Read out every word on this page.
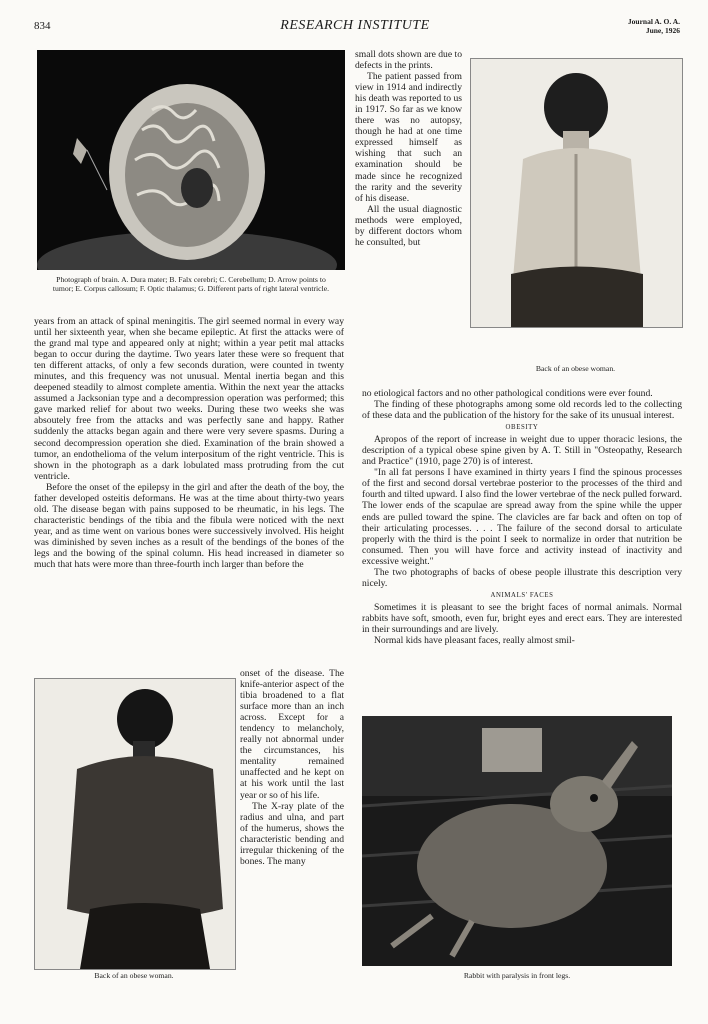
834	RESEARCH INSTITUTE	Journal A. O. A.
June, 1926
Photograph of brain. A. Dura mater; B. Falx cerebri; C. Cerebellum; D. Arrow points to tumor; E. Corpus callosum; F. Optic thalamus; G. Different parts of right lateral ventricle.
Back of an obese woman.

years from an attack of spinal meningitis. The girl seemed normal in every way until her sixteenth year, when she became epileptic. At first the attacks were of the grand mal type and appeared only at night; within a year petit mal attacks began to occur during the daytime. Two years later these were so frequent that ten different attacks, of only a few seconds duration, were counted in twenty minutes, and this frequency was not unusual. Mental inertia began and this deepened steadily to almost complete amentia. Within the next year the attacks assumed a Jacksonian type and a decompression operation was performed; this gave marked relief for about two weeks. During these two weeks she was absoutely free from the attacks and was perfectly sane and happy. Rather suddenly the attacks began again and there were very severe spasms. During a second decompression operation she died. Examination of the brain showed a tumor, an endothelioma of the velum interpositum of the right ventricle. This is shown in the photograph as a dark lobulated mass protruding from the cut ventricle.

Before the onset of the epilepsy in the girl and after the death of the boy, the father developed osteitis deformans. He was at the time about thirty-two years old. The disease began with pains supposed to be rheumatic, in his legs. The characteristic bendings of the tibia and the fibula were noticed with the next year, and as time went on various bones were successively involved. His height was diminished by seven inches as a result of the bendings of the bones of the legs and the bowing of the spinal column. His head increased in diameter so much that hats were more than three-fourth inch larger than before the

Back of an obese woman.

onset of the disease. The knife-anterior aspect of the tibia broadened to a flat surface more than an inch across. Except for a tendency to melancholy, really not abnormal under the circumstances, his mentality remained unaffected and he kept on at his work until the last year or so of his life.

The X-ray plate of the radius and ulna, and part of the humerus, shows the characteristic bending and irregular thickening of the bones. The many

small dots shown are due to defects in the prints.

The patient passed from view in 1914 and indirectly his death was reported to us in 1917. So far as we know there was no autopsy, though he had at one time expressed himself as wishing that such an examination should be made since he recognized the rarity and the severity of his disease.

All the usual diagnostic methods were employed, by different doctors whom he consulted, but

no etiological factors and no other pathological conditions were ever found.

The finding of these photographs among some old records led to the collecting of these data and the publication of the history for the sake of its unusual interest.

OBESITY

Apropos of the report of increase in weight due to upper thoracic lesions, the description of a typical obese spine given by A. T. Still in "Osteopathy, Research and Practice" (1910, page 270) is of interest.

"In all fat persons I have examined in thirty years I find the spinous processes of the first and second dorsal vertebrae posterior to the processes of the third and fourth and tilted upward. I also find the lower vertebrae of the neck pulled forward. The lower ends of the scapulae are spread away from the spine while the upper ends are pulled toward the spine. The clavicles are far back and often on top of their articulating processes. . . . The failure of the second dorsal to articulate properly with the third is the point I seek to normalize in order that nutrition be consumed. Then you will have force and activity instead of inactivity and excessive weight."

The two photographs of backs of obese people illustrate this description very nicely.

ANIMALS' FACES

Sometimes it is pleasant to see the bright faces of normal animals. Normal rabbits have soft, smooth, even fur, bright eyes and erect ears. They are interested in their surroundings and are lively.

Normal kids have pleasant faces, really almost smil-

Rabbit with paralysis in front legs.
